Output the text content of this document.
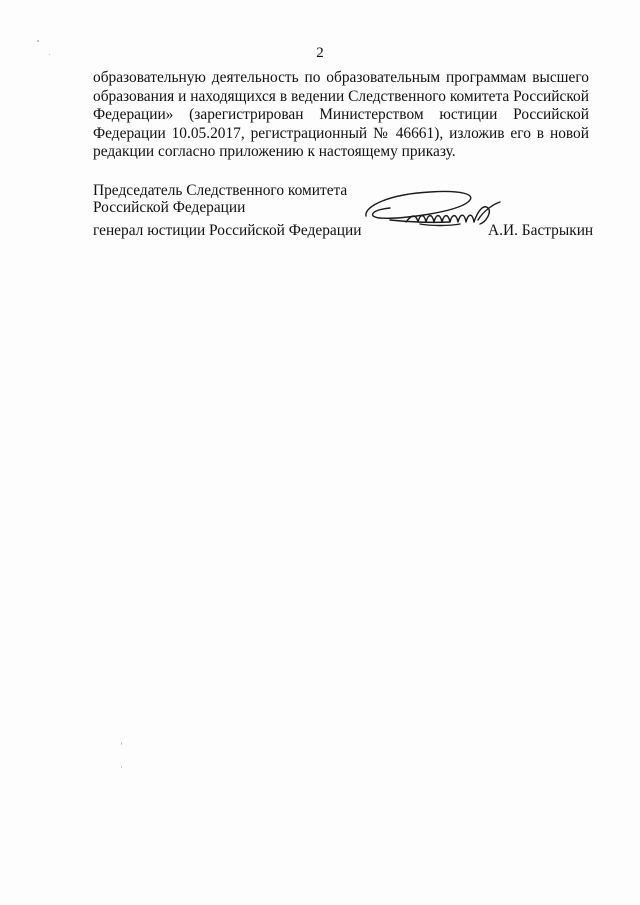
2
образовательную деятельность по образовательным программам высшего
образования и находящихся в ведении Следственного комитета Российской
Федерации» (зарегистрирован Министерством юстиции Российской
Федерации 10.05.2017, регистрационный № 46661), изложив его в новой
редакции согласно приложению к настоящему приказу.
Председатель Следственного комитета
Российской Федерации
генерал юстиции Российской Федерации	А.И. Бастрыкин
